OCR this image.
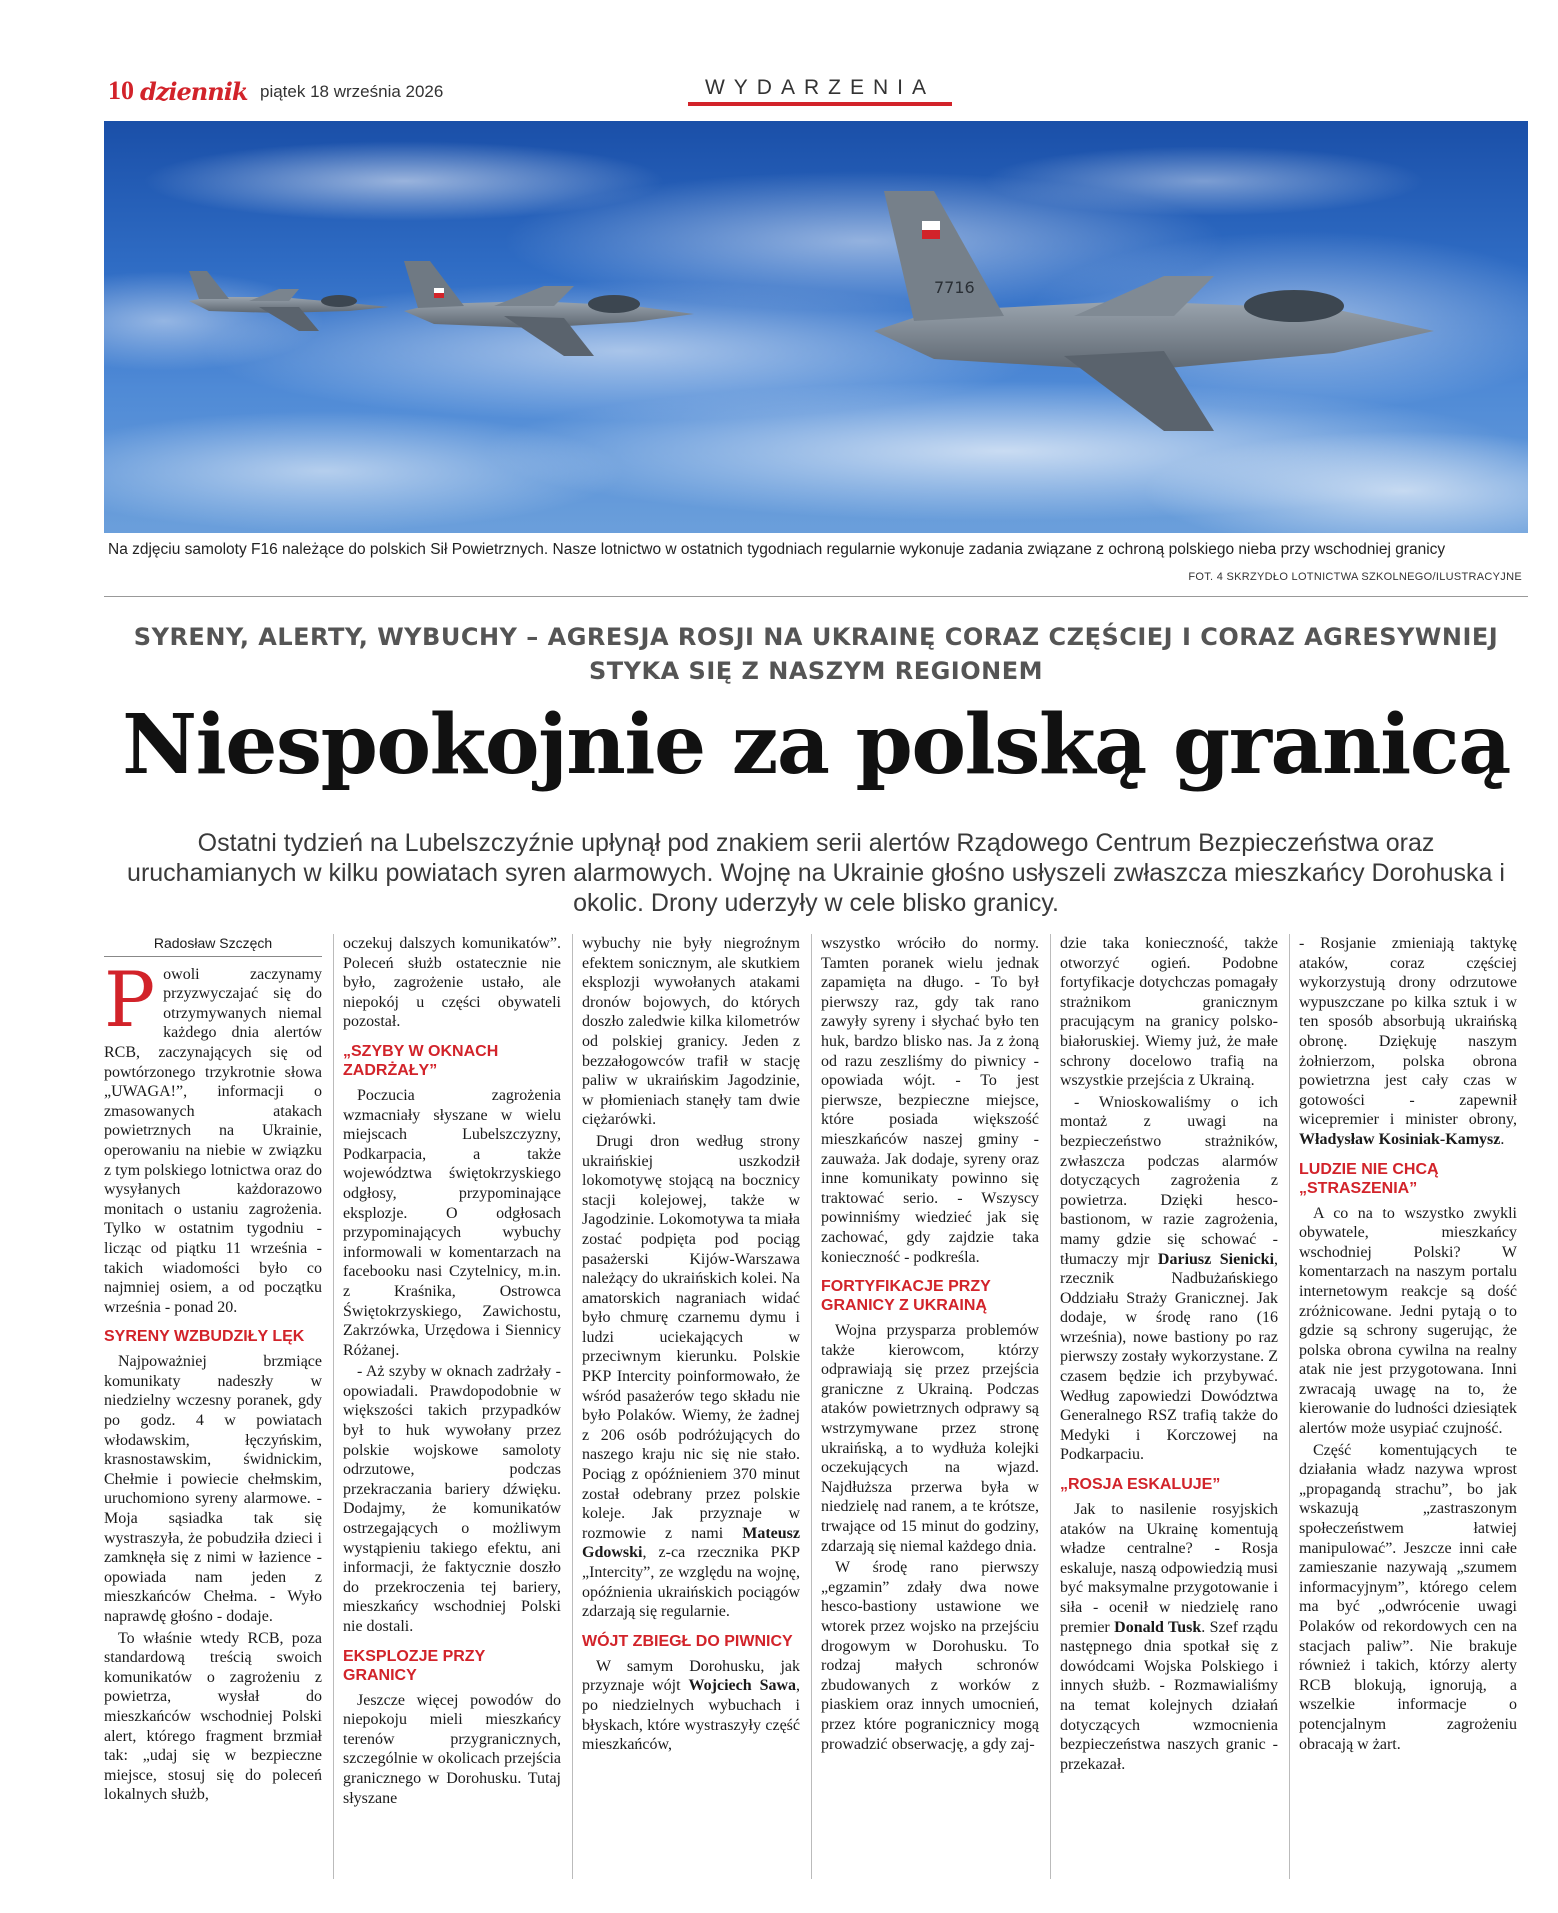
10 dziennik piątek 18 września 2026	WYDARZENIA
7716
Na zdjęciu samoloty F16 należące do polskich Sił Powietrznych. Nasze lotnictwo w ostatnich tygodniach regularnie wykonuje zadania związane z ochroną polskiego nieba przy wschodniej granicy
FOT. 4 SKRZYDŁO LOTNICTWA SZKOLNEGO/ILUSTRACYJNE
SYRENY, ALERTY, WYBUCHY – AGRESJA ROSJI NA UKRAINĘ CORAZ CZĘŚCIEJ I CORAZ AGRESYWNIEJ STYKA SIĘ Z NASZYM REGIONEM
Niespokojnie za polską granicą
Ostatni tydzień na Lubelszczyźnie upłynął pod znakiem serii alertów Rządowego Centrum Bezpieczeństwa oraz uruchamianych w kilku powiatach syren alarmowych. Wojnę na Ukrainie głośno usłyszeli zwłaszcza mieszkańcy Dorohuska i okolic. Drony uderzyły w cele blisko granicy.
Radosław Szczęch

Powoli zaczynamy przyzwyczajać się do otrzymywanych niemal każdego dnia alertów RCB, zaczynających się od powtórzonego trzykrotnie słowa „UWAGA!”, informacji o zmasowanych atakach powietrznych na Ukrainie, operowaniu na niebie w związku z tym polskiego lotnictwa oraz do wysyłanych każdorazowo monitach o ustaniu zagrożenia. Tylko w ostatnim tygodniu - licząc od piątku 11 września - takich wiadomości było co najmniej osiem, a od początku września - ponad 20.

SYRENY WZBUDZIŁY LĘK

Najpoważniej brzmiące komunikaty nadeszły w niedzielny wczesny poranek, gdy po godz. 4 w powiatach włodawskim, łęczyńskim, krasnostawskim, świdnickim, Chełmie i powiecie chełmskim, uruchomiono syreny alarmowe. - Moja sąsiadka tak się wystraszyła, że pobudziła dzieci i zamknęła się z nimi w łazience - opowiada nam jeden z mieszkańców Chełma. - Wyło naprawdę głośno - dodaje.

To właśnie wtedy RCB, poza standardową treścią swoich komunikatów o zagrożeniu z powietrza, wysłał do mieszkańców wschodniej Polski alert, którego fragment brzmiał tak: „udaj się w bezpieczne miejsce, stosuj się do poleceń lokalnych służb,

oczekuj dalszych komunikatów”. Poleceń służb ostatecznie nie było, zagrożenie ustało, ale niepokój u części obywateli pozostał.

„SZYBY W OKNACH ZADRŻAŁY”

Poczucia zagrożenia wzmacniały słyszane w wielu miejscach Lubelszczyzny, Podkarpacia, a także województwa świętokrzyskiego odgłosy, przypominające eksplozje. O odgłosach przypominających wybuchy informowali w komentarzach na facebooku nasi Czytelnicy, m.in. z Kraśnika, Ostrowca Świętokrzyskiego, Zawichostu, Zakrzówka, Urzędowa i Siennicy Różanej.

- Aż szyby w oknach zadrżały - opowiadali. Prawdopodobnie w większości takich przypadków był to huk wywołany przez polskie wojskowe samoloty odrzutowe, podczas przekraczania bariery dźwięku. Dodajmy, że komunikatów ostrzegających o możliwym wystąpieniu takiego efektu, ani informacji, że faktycznie doszło do przekroczenia tej bariery, mieszkańcy wschodniej Polski nie dostali.

EKSPLOZJE PRZY GRANICY

Jeszcze więcej powodów do niepokoju mieli mieszkańcy terenów przygranicznych, szczególnie w okolicach przejścia granicznego w Dorohusku. Tutaj słyszane

wybuchy nie były niegroźnym efektem sonicznym, ale skutkiem eksplozji wywołanych atakami dronów bojowych, do których doszło zaledwie kilka kilometrów od polskiej granicy. Jeden z bezzałogowców trafił w stację paliw w ukraińskim Jagodzinie, w płomieniach stanęły tam dwie ciężarówki.

Drugi dron według strony ukraińskiej uszkodził lokomotywę stojącą na bocznicy stacji kolejowej, także w Jagodzinie. Lokomotywa ta miała zostać podpięta pod pociąg pasażerski Kijów-Warszawa należący do ukraińskich kolei. Na amatorskich nagraniach widać było chmurę czarnemu dymu i ludzi uciekających w przeciwnym kierunku. Polskie PKP Intercity poinformowało, że wśród pasażerów tego składu nie było Polaków. Wiemy, że żadnej z 206 osób podróżujących do naszego kraju nic się nie stało. Pociąg z opóźnieniem 370 minut został odebrany przez polskie koleje. Jak przyznaje w rozmowie z nami Mateusz Gdowski, z-ca rzecznika PKP „Intercity”, ze względu na wojnę, opóźnienia ukraińskich pociągów zdarzają się regularnie.

WÓJT ZBIEGŁ DO PIWNICY

W samym Dorohusku, jak przyznaje wójt Wojciech Sawa, po niedzielnych wybuchach i błyskach, które wystraszyły część mieszkańców,

wszystko wróciło do normy. Tamten poranek wielu jednak zapamięta na długo. - To był pierwszy raz, gdy tak rano zawyły syreny i słychać było ten huk, bardzo blisko nas. Ja z żoną od razu zeszliśmy do piwnicy - opowiada wójt. - To jest pierwsze, bezpieczne miejsce, które posiada większość mieszkańców naszej gminy - zauważa. Jak dodaje, syreny oraz inne komunikaty powinno się traktować serio. - Wszyscy powinniśmy wiedzieć jak się zachować, gdy zajdzie taka konieczność - podkreśla.

FORTYFIKACJE PRZY GRANICY Z UKRAINĄ

Wojna przysparza problemów także kierowcom, którzy odprawiają się przez przejścia graniczne z Ukrainą. Podczas ataków powietrznych odprawy są wstrzymywane przez stronę ukraińską, a to wydłuża kolejki oczekujących na wjazd. Najdłuższa przerwa była w niedzielę nad ranem, a te krótsze, trwające od 15 minut do godziny, zdarzają się niemal każdego dnia.

W środę rano pierwszy „egzamin” zdały dwa nowe hesco-bastiony ustawione we wtorek przez wojsko na przejściu drogowym w Dorohusku. To rodzaj małych schronów zbudowanych z worków z piaskiem oraz innych umocnień, przez które pogranicznicy mogą prowadzić obserwację, a gdy zaj-

dzie taka konieczność, także otworzyć ogień. Podobne fortyfikacje dotychczas pomagały strażnikom granicznym pracującym na granicy polsko-białoruskiej. Wiemy już, że małe schrony docelowo trafią na wszystkie przejścia z Ukrainą.

- Wnioskowaliśmy o ich montaż z uwagi na bezpieczeństwo strażników, zwłaszcza podczas alarmów dotyczących zagrożenia z powietrza. Dzięki hesco-bastionom, w razie zagrożenia, mamy gdzie się schować - tłumaczy mjr Dariusz Sienicki, rzecznik Nadbużańskiego Oddziału Straży Granicznej. Jak dodaje, w środę rano (16 września), nowe bastiony po raz pierwszy zostały wykorzystane. Z czasem będzie ich przybywać. Według zapowiedzi Dowództwa Generalnego RSZ trafią także do Medyki i Korczowej na Podkarpaciu.

„ROSJA ESKALUJE”

Jak to nasilenie rosyjskich ataków na Ukrainę komentują władze centralne? - Rosja eskaluje, naszą odpowiedzią musi być maksymalne przygotowanie i siła - ocenił w niedzielę rano premier Donald Tusk. Szef rządu następnego dnia spotkał się z dowódcami Wojska Polskiego i innych służb. - Rozmawialiśmy na temat kolejnych działań dotyczących wzmocnienia bezpieczeństwa naszych granic - przekazał.

- Rosjanie zmieniają taktykę ataków, coraz częściej wykorzystują drony odrzutowe wypuszczane po kilka sztuk i w ten sposób absorbują ukraińską obronę. Dziękuję naszym żołnierzom, polska obrona powietrzna jest cały czas w gotowości - zapewnił wicepremier i minister obrony, Władysław Kosiniak-Kamysz.

LUDZIE NIE CHCĄ „STRASZENIA”

A co na to wszystko zwykli obywatele, mieszkańcy wschodniej Polski? W komentarzach na naszym portalu internetowym reakcje są dość zróżnicowane. Jedni pytają o to gdzie są schrony sugerując, że polska obrona cywilna na realny atak nie jest przygotowana. Inni zwracają uwagę na to, że kierowanie do ludności dziesiątek alertów może usypiać czujność.

Część komentujących te działania władz nazywa wprost „propagandą strachu”, bo jak wskazują „zastraszonym społeczeństwem łatwiej manipulować”. Jeszcze inni całe zamieszanie nazywają „szumem informacyjnym”, którego celem ma być „odwrócenie uwagi Polaków od rekordowych cen na stacjach paliw”. Nie brakuje również i takich, którzy alerty RCB blokują, ignorują, a wszelkie informacje o potencjalnym zagrożeniu obracają w żart.
